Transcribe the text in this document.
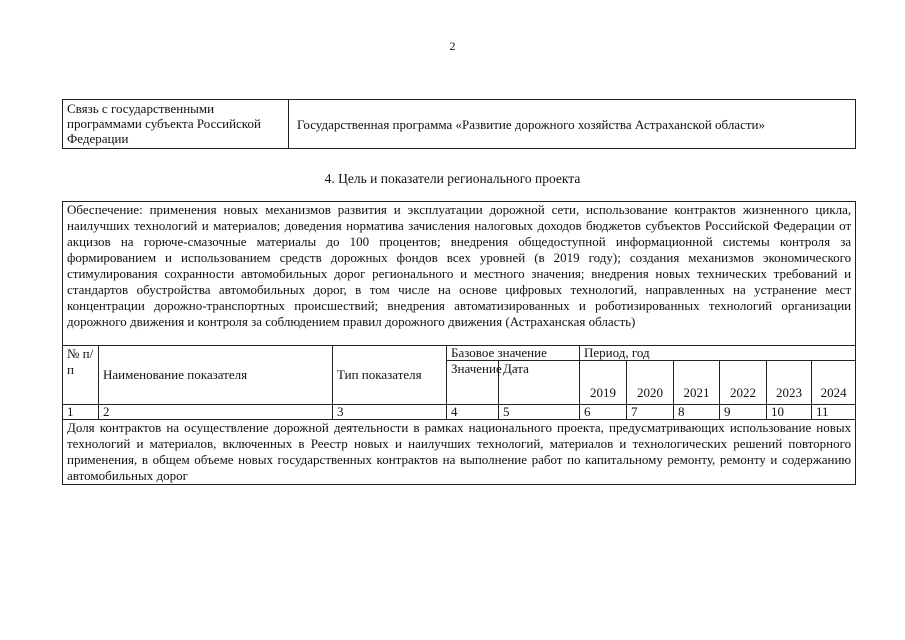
2
Связь с государственными программами субъекта Российской Федерации	Государственная программа «Развитие дорожного хозяйства Астраханской области»
4. Цель и показатели регионального проекта
Обеспечение: применения новых механизмов развития и эксплуатации дорожной сети, использование контрактов жизненного цикла, наилучших технологий и материалов; доведения норматива зачисления налоговых доходов бюджетов субъектов Российской Федерации от акцизов на горюче-смазочные материалы до 100 процентов; внедрения общедоступной информационной системы контроля за формированием и использованием средств дорожных фондов всех уровней (в 2019 году); создания механизмов экономического стимулирования сохранности автомобильных дорог регионального и местного значения; внедрения новых технических требований и стандартов обустройства автомобильных дорог, в том числе на основе цифровых технологий, направленных на устранение мест концентрации дорожно-транспортных происшествий; внедрения автоматизированных и роботизированных технологий организации дорожного движения и контроля за соблюдением правил дорожного движения (Астраханская область)										
№ п/п	Наименование показателя	Тип показателя	Базовое значение		Период, год					
			Значение	Дата	2019	2020	2021	2022	2023	2024
1	2	3	4	5	6	7	8	9	10	11
Доля контрактов на осуществление дорожной деятельности в рамках национального проекта, предусматривающих использование новых технологий и материалов, включенных в Реестр новых и наилучших технологий, материалов и технологических решений повторного применения, в общем объеме новых государственных контрактов на выполнение работ по капитальному ремонту, ремонту и содержанию автомобильных дорог										
